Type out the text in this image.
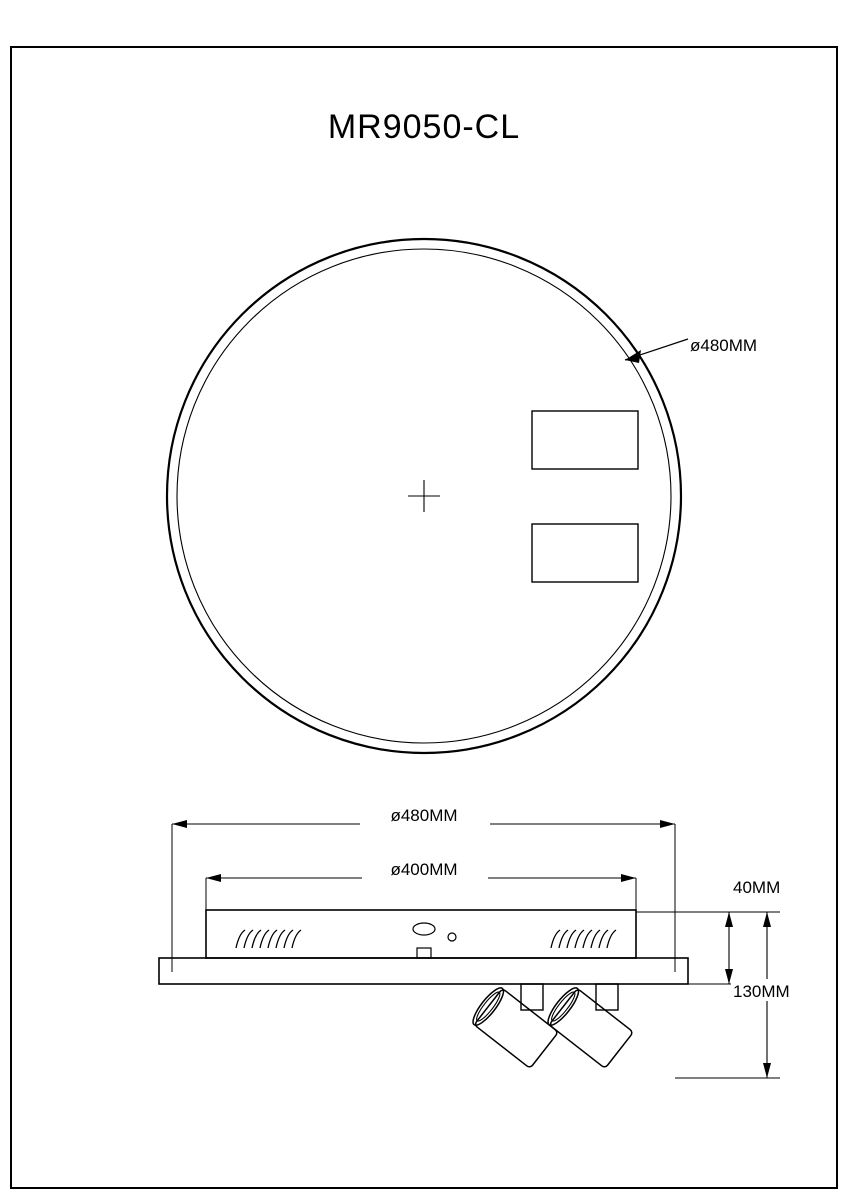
MR9050-CL
ø480MM
ø480MM
ø400MM
40MM
130MM
